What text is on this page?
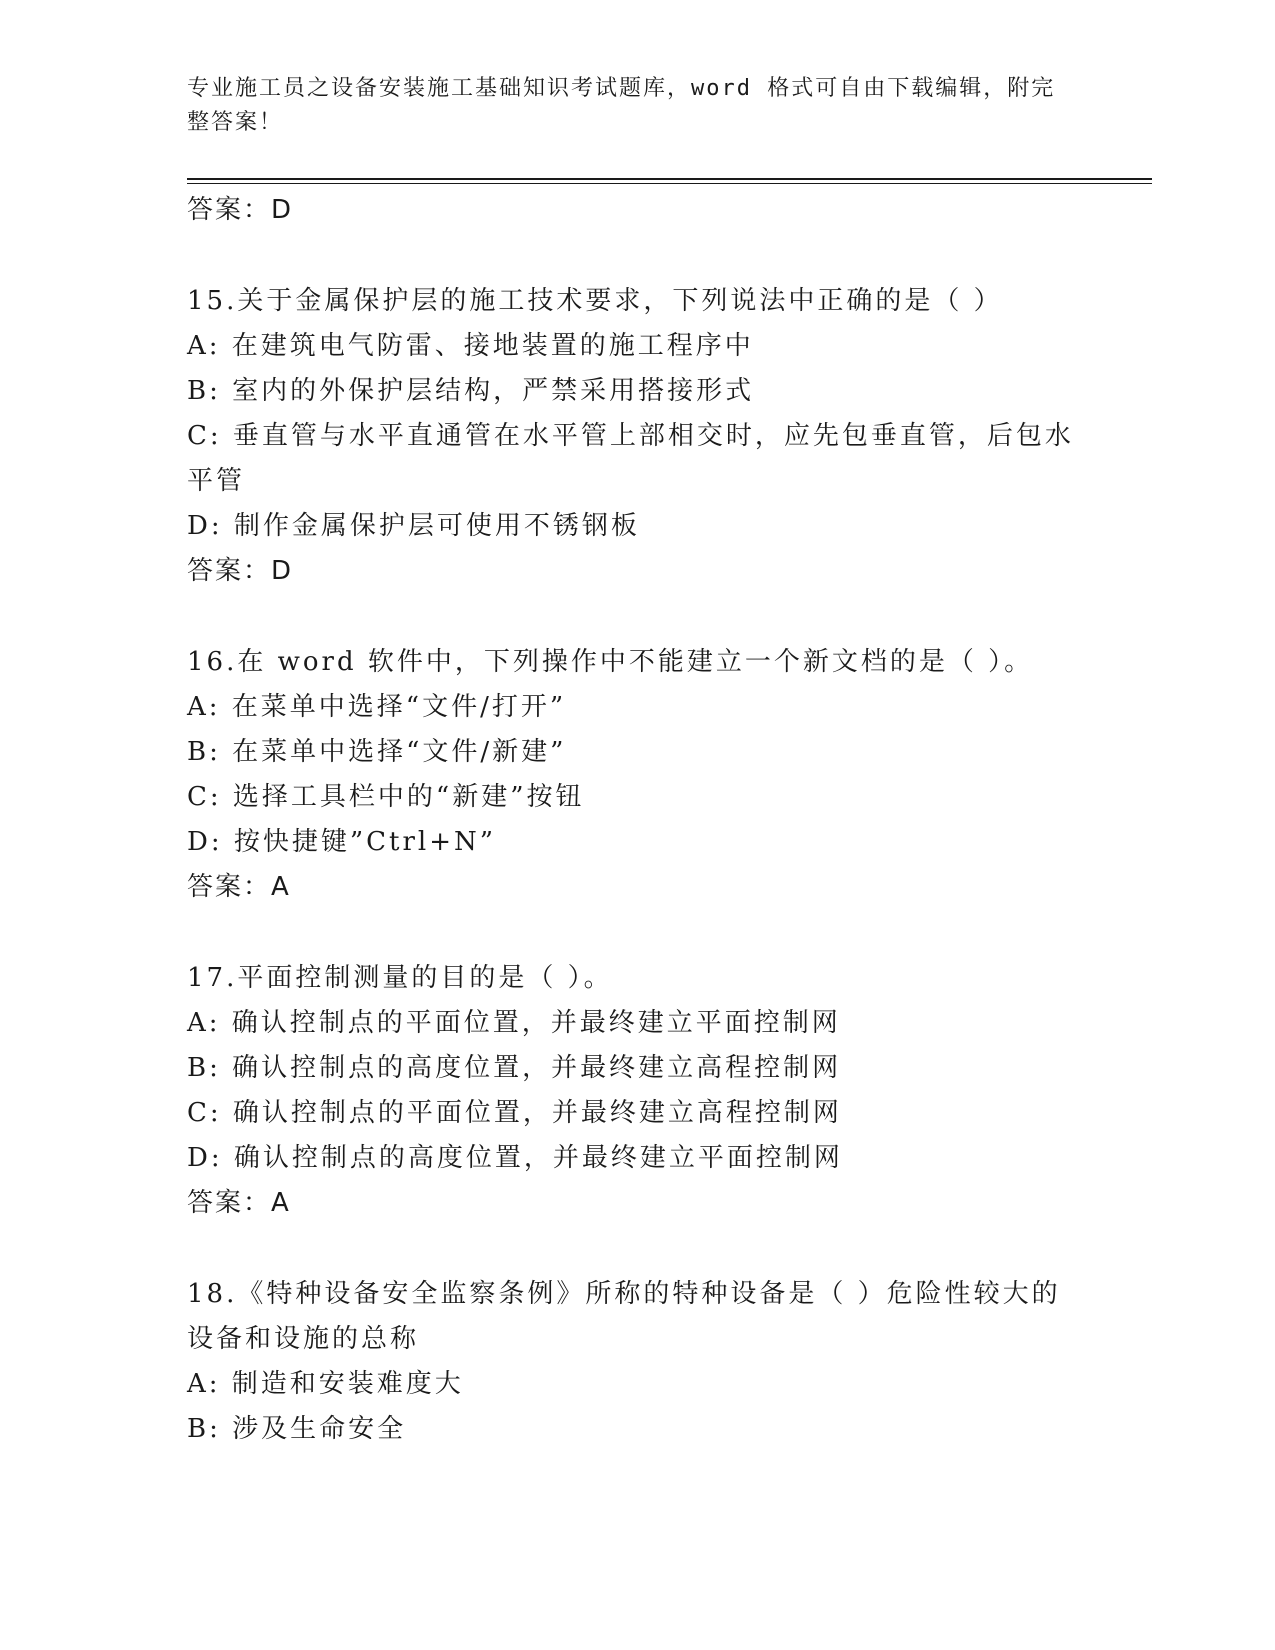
专业施工员之设备安装施工基础知识考试题库，word 格式可自由下载编辑，附完整答案！
答案：D
15.关于金属保护层的施工技术要求，下列说法中正确的是（ ）
A: 在建筑电气防雷、接地装置的施工程序中
B: 室内的外保护层结构，严禁采用搭接形式
C: 垂直管与水平直通管在水平管上部相交时，应先包垂直管，后包水平管
D: 制作金属保护层可使用不锈钢板
答案：D
16.在 word 软件中，下列操作中不能建立一个新文档的是（ ）。
A: 在菜单中选择“文件/打开”
B: 在菜单中选择“文件/新建”
C: 选择工具栏中的“新建”按钮
D: 按快捷键”Ctrl+N”
答案：A
17.平面控制测量的目的是（ ）。
A: 确认控制点的平面位置，并最终建立平面控制网
B: 确认控制点的高度位置，并最终建立高程控制网
C: 确认控制点的平面位置，并最终建立高程控制网
D: 确认控制点的高度位置，并最终建立平面控制网
答案：A
18.《特种设备安全监察条例》所称的特种设备是（ ）危险性较大的设备和设施的总称
A: 制造和安装难度大
B: 涉及生命安全
